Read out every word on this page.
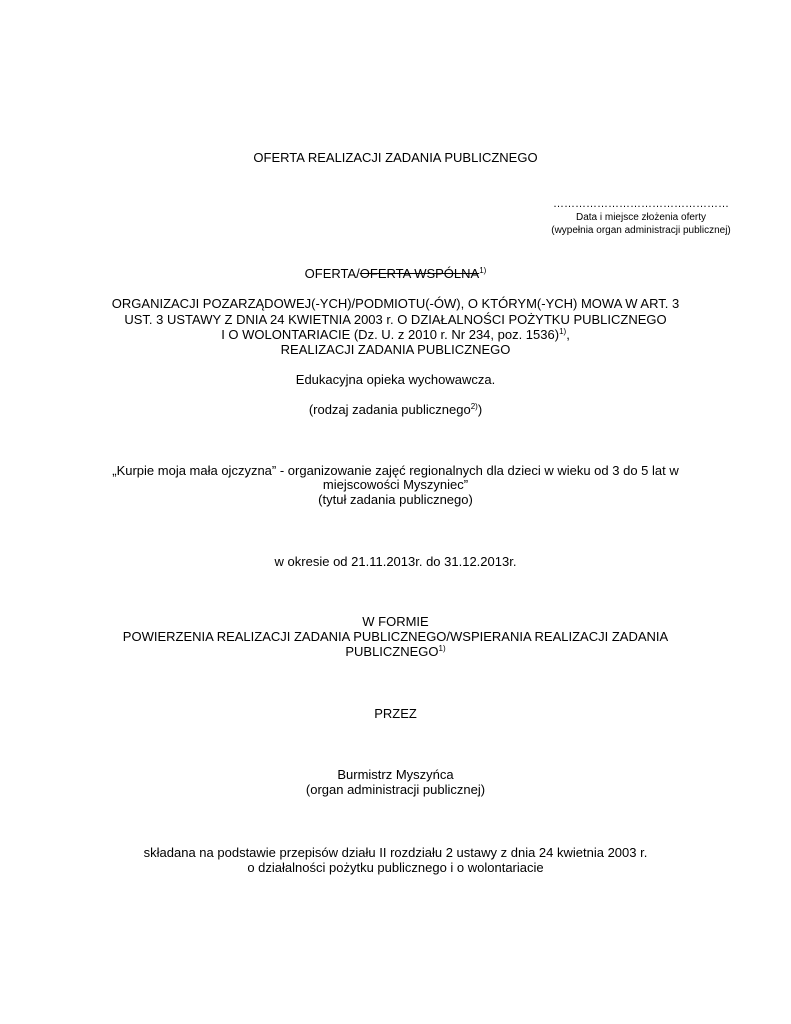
OFERTA REALIZACJI ZADANIA PUBLICZNEGO
…………………………………………
Data i miejsce złożenia oferty
(wypełnia organ administracji publicznej)
OFERTA/OFERTA WSPÓLNA$^{1)}$
ORGANIZACJI POZARZĄDOWEJ(-YCH)/PODMIOTU(-ÓW), O KTÓRYM(-YCH) MOWA W ART. 3
UST. 3 USTAWY Z DNIA 24 KWIETNIA 2003 r. O DZIAŁALNOŚCI POŻYTKU PUBLICZNEGO
I O WOLONTARIACIE (Dz. U. z 2010 r. Nr 234, poz. 1536)$^{1)}$,
REALIZACJI ZADANIA PUBLICZNEGO
Edukacyjna opieka wychowawcza.
(rodzaj zadania publicznego$^{2)}$)
„Kurpie moja mała ojczyzna” - organizowanie zajęć regionalnych dla dzieci w wieku od 3 do 5 lat w
miejscowości Myszyniec”
(tytuł zadania publicznego)
w okresie od 21.11.2013r. do 31.12.2013r.
W FORMIE
POWIERZENIA REALIZACJI ZADANIA PUBLICZNEGO/WSPIERANIA REALIZACJI ZADANIA
PUBLICZNEGO$^{1)}$
PRZEZ
Burmistrz Myszyńca
(organ administracji publicznej)
składana na podstawie przepisów działu II rozdziału 2 ustawy z dnia 24 kwietnia 2003 r.
o działalności pożytku publicznego i o wolontariacie
